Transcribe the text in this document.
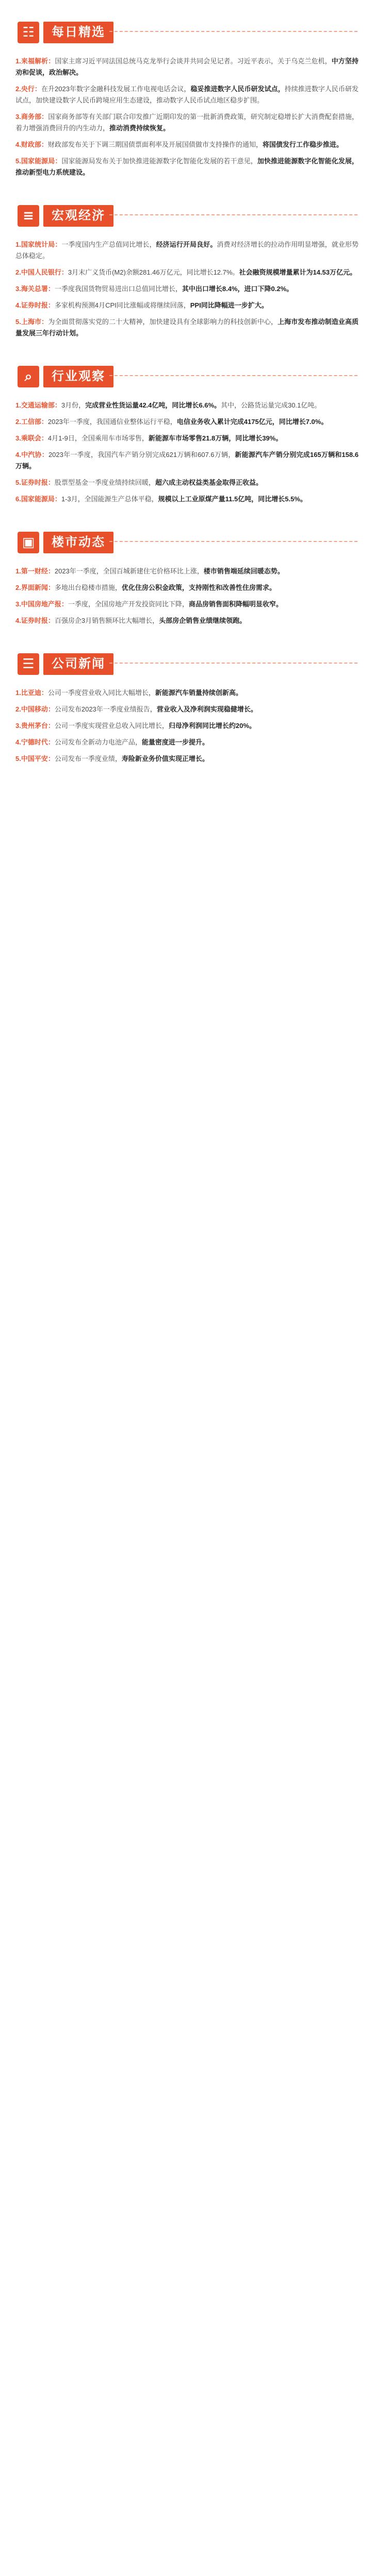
☷	每日精选
1.来福解析：国家主席习近平同法国总统马克龙举行会谈并共同会见记者。习近平表示，关于乌克兰危机，中方坚持劝和促谈，政治解决。
2.央行：在升2023年数字金融科技发展工作电视电话会议，稳妥推进数字人民币研发试点，持续推进数字人民币研发试点，加快建设数字人民币跨境应用生态建设，推动数字人民币试点地区稳步扩围。
3.商务部：国家商务部等有关部门联合印发推广近期印发的第一批新消费政策，研究制定稳增长扩大消费配套措施，着力增强消费回升的内生动力，推动消费持续恢复。
4.财政部：财政部发布关于下调三期国债票面利率及开展国债做市支持操作的通知，将国债发行工作稳步推进。
5.国家能源局：国家能源局发布关于加快推进能源数字化智能化发展的若干意见，加快推进能源数字化智能化发展，推动新型电力系统建设。
≡	宏观经济
1.国家统计局：一季度国内生产总值同比增长，经济运行开局良好。消费对经济增长的拉动作用明显增强，就业形势总体稳定。
2.中国人民银行：3月末广义货币(M2)余额281.46万亿元，同比增长12.7%。社会融资规模增量累计为14.53万亿元。
3.海关总署：一季度我国货物贸易进出口总值同比增长，其中出口增长8.4%，进口下降0.2%。
4.证券时报：多家机构预测4月CPI同比涨幅或将继续回落，PPI同比降幅进一步扩大。
5.上海市：为全面贯彻落实党的二十大精神，加快建设具有全球影响力的科技创新中心，上海市发布推动制造业高质量发展三年行动计划。
⌕	行业观察
1.交通运输部：3月份，完成营业性货运量42.4亿吨，同比增长6.6%。其中，公路货运量完成30.1亿吨。
2.工信部：2023年一季度，我国通信业整体运行平稳，电信业务收入累计完成4175亿元，同比增长7.0%。
3.乘联会：4月1-9日，全国乘用车市场零售，新能源车市场零售21.8万辆，同比增长39%。
4.中汽协：2023年一季度，我国汽车产销分别完成621万辆和607.6万辆，新能源汽车产销分别完成165万辆和158.6万辆。
5.证券时报：股票型基金一季度业绩持续回暖，超六成主动权益类基金取得正收益。
6.国家能源局：1-3月，全国能源生产总体平稳，规模以上工业原煤产量11.5亿吨，同比增长5.5%。
▣	楼市动态
1.第一财经：2023年一季度，全国百城新建住宅价格环比上涨，楼市销售端延续回暖态势。
2.界面新闻：多地出台稳楼市措施，优化住房公积金政策，支持刚性和改善性住房需求。
3.中国房地产报：一季度，全国房地产开发投资同比下降，商品房销售面积降幅明显收窄。
4.证券时报：百强房企3月销售额环比大幅增长，头部房企销售业绩继续领跑。
☰	公司新闻
1.比亚迪：公司一季度营业收入同比大幅增长，新能源汽车销量持续创新高。
2.中国移动：公司发布2023年一季度业绩报告，营业收入及净利润实现稳健增长。
3.贵州茅台：公司一季度实现营业总收入同比增长，归母净利润同比增长约20%。
4.宁德时代：公司发布全新动力电池产品，能量密度进一步提升。
5.中国平安：公司发布一季度业绩，寿险新业务价值实现正增长。
